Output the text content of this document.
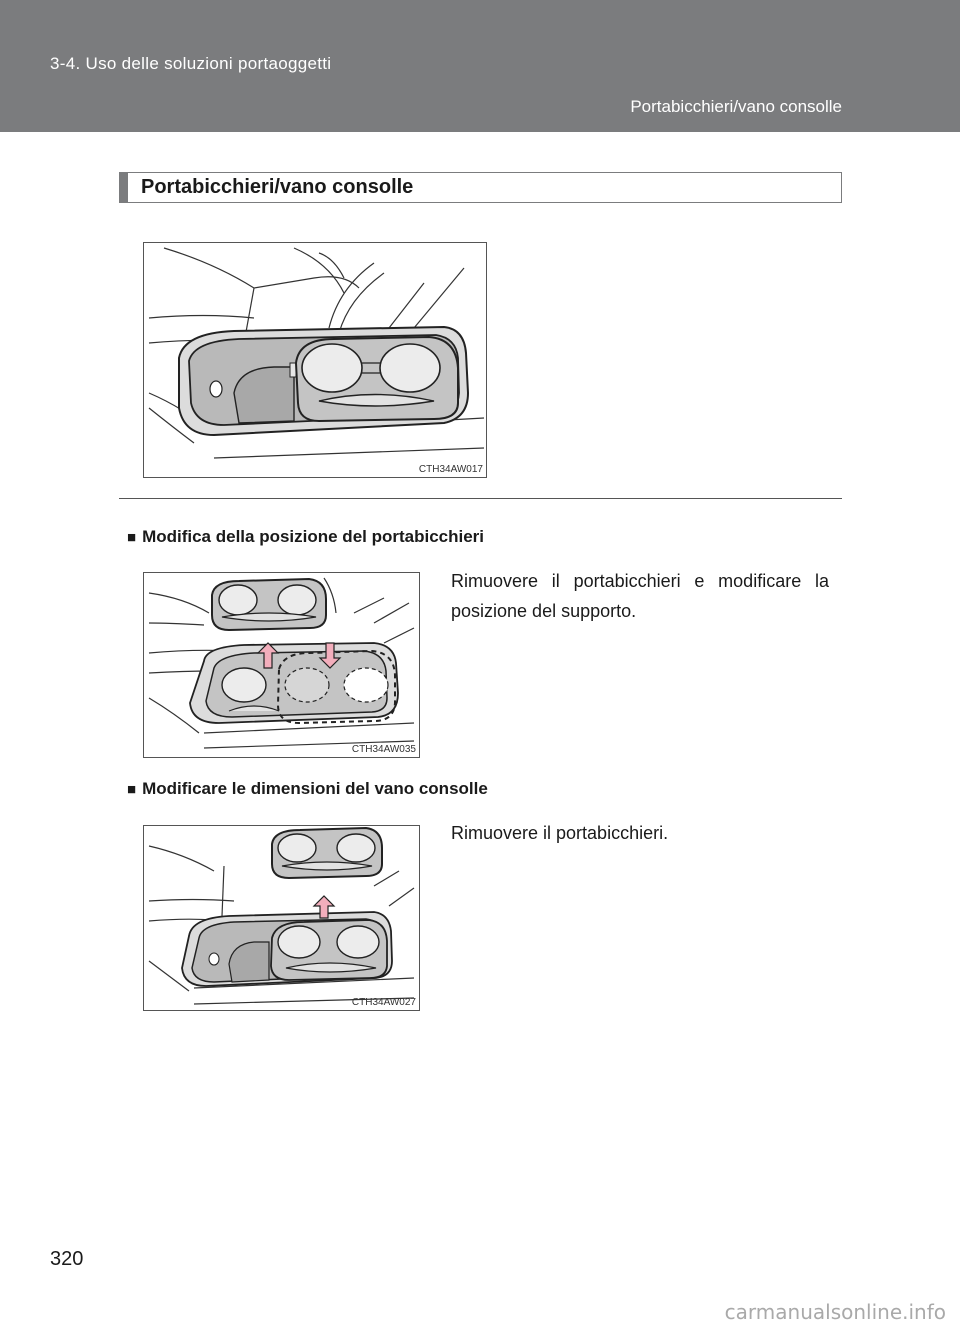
3-4. Uso delle soluzioni portaoggetti
Portabicchieri/vano consolle
Portabicchieri/vano consolle
CTH34AW017
■ Modifica della posizione del portabicchieri
CTH34AW035
Rimuovere il portabicchieri e modificare la posizione del supporto.
■ Modificare le dimensioni del vano consolle
CTH34AW027
Rimuovere il portabicchieri.
320
carmanualsonline.info
